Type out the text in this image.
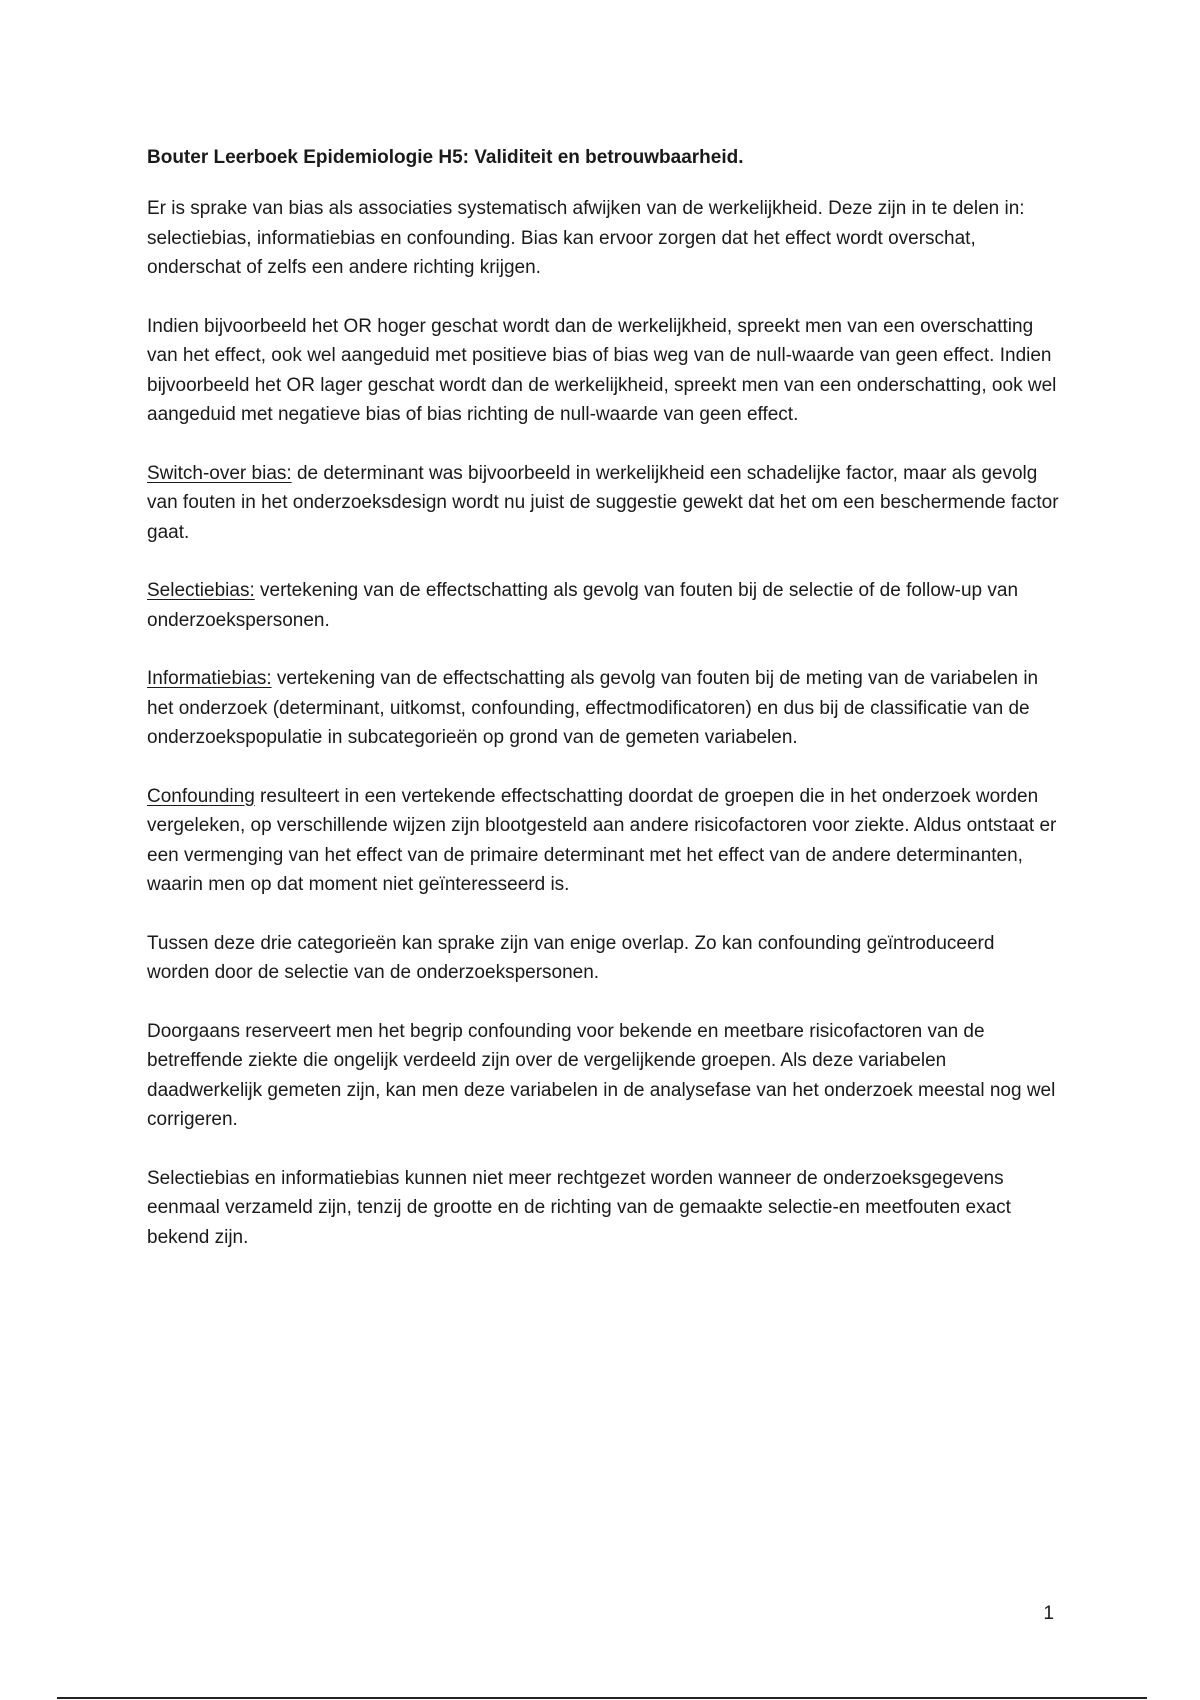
Bouter Leerboek Epidemiologie H5: Validiteit en betrouwbaarheid.

Er is sprake van bias als associaties systematisch afwijken van de werkelijkheid. Deze zijn in te delen in: selectiebias, informatiebias en confounding. Bias kan ervoor zorgen dat het effect wordt overschat, onderschat of zelfs een andere richting krijgen.

Indien bijvoorbeeld het OR hoger geschat wordt dan de werkelijkheid, spreekt men van een overschatting van het effect, ook wel aangeduid met positieve bias of bias weg van de null-waarde van geen effect. Indien bijvoorbeeld het OR lager geschat wordt dan de werkelijkheid, spreekt men van een onderschatting, ook wel aangeduid met negatieve bias of bias richting de null-waarde van geen effect.

Switch-over bias: de determinant was bijvoorbeeld in werkelijkheid een schadelijke factor, maar als gevolg van fouten in het onderzoeksdesign wordt nu juist de suggestie gewekt dat het om een beschermende factor gaat.

Selectiebias: vertekening van de effectschatting als gevolg van fouten bij de selectie of de follow-up van onderzoekspersonen.

Informatiebias: vertekening van de effectschatting als gevolg van fouten bij de meting van de variabelen in het onderzoek (determinant, uitkomst, confounding, effectmodificatoren) en dus bij de classificatie van de onderzoekspopulatie in subcategorieën op grond van de gemeten variabelen.

Confounding resulteert in een vertekende effectschatting doordat de groepen die in het onderzoek worden vergeleken, op verschillende wijzen zijn blootgesteld aan andere risicofactoren voor ziekte. Aldus ontstaat er een vermenging van het effect van de primaire determinant met het effect van de andere determinanten, waarin men op dat moment niet geïnteresseerd is.

Tussen deze drie categorieën kan sprake zijn van enige overlap. Zo kan confounding geïntroduceerd worden door de selectie van de onderzoekspersonen.

Doorgaans reserveert men het begrip confounding voor bekende en meetbare risicofactoren van de betreffende ziekte die ongelijk verdeeld zijn over de vergelijkende groepen. Als deze variabelen daadwerkelijk gemeten zijn, kan men deze variabelen in de analysefase van het onderzoek meestal nog wel corrigeren.

Selectiebias en informatiebias kunnen niet meer rechtgezet worden wanneer de onderzoeksgegevens eenmaal verzameld zijn, tenzij de grootte en de richting van de gemaakte selectie-en meetfouten exact bekend zijn.

1
